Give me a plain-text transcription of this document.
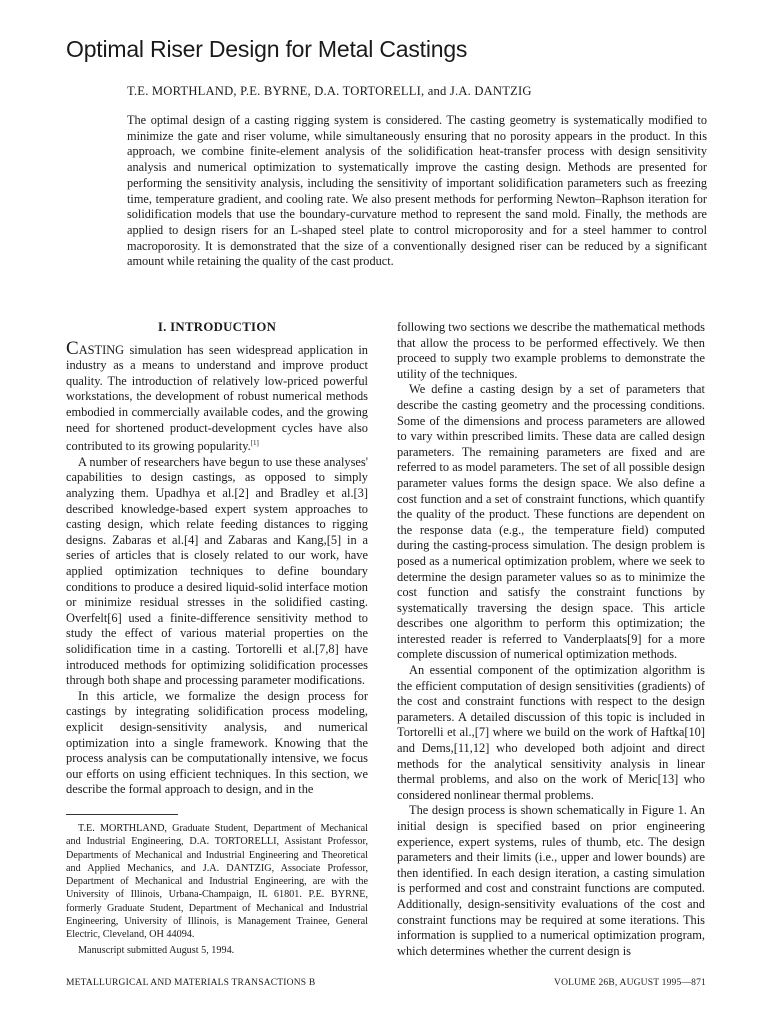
Optimal Riser Design for Metal Castings
T.E. MORTHLAND, P.E. BYRNE, D.A. TORTORELLI, and J.A. DANTZIG

The optimal design of a casting rigging system is considered. The casting geometry is systematically modified to minimize the gate and riser volume, while simultaneously ensuring that no porosity appears in the product. In this approach, we combine finite-element analysis of the solidification heat-transfer process with design sensitivity analysis and numerical optimization to systematically improve the casting design. Methods are presented for performing the sensitivity analysis, including the sensitivity of important solidification parameters such as freezing time, temperature gradient, and cooling rate. We also present methods for performing Newton–Raphson iteration for solidification models that use the boundary-curvature method to represent the sand mold. Finally, the methods are applied to design risers for an L-shaped steel plate to control microporosity and for a steel hammer to control macroporosity. It is demonstrated that the size of a conventionally designed riser can be reduced by a significant amount while retaining the quality of the cast product.

I. INTRODUCTION

CASTING simulation has seen widespread application in industry as a means to understand and improve product quality. The introduction of relatively low-priced powerful workstations, the development of robust numerical methods embodied in commercially available codes, and the growing need for shortened product-development cycles have also contributed to its growing popularity.[1]

A number of researchers have begun to use these analyses' capabilities to design castings, as opposed to simply analyzing them. Upadhya et al.[2] and Bradley et al.[3] described knowledge-based expert system approaches to casting design, which relate feeding distances to rigging designs. Zabaras et al.[4] and Zabaras and Kang,[5] in a series of articles that is closely related to our work, have applied optimization techniques to define boundary conditions to produce a desired liquid-solid interface motion or minimize residual stresses in the solidified casting. Overfelt[6] used a finite-difference sensitivity method to study the effect of various material properties on the solidification time in a casting. Tortorelli et al.[7,8] have introduced methods for optimizing solidification processes through both shape and processing parameter modifications.

In this article, we formalize the design process for castings by integrating solidification process modeling, explicit design-sensitivity analysis, and numerical optimization into a single framework. Knowing that the process analysis can be computationally intensive, we focus our efforts on using efficient techniques. In this section, we describe the formal approach to design, and in the

T.E. MORTHLAND, Graduate Student, Department of Mechanical and Industrial Engineering, D.A. TORTORELLI, Assistant Professor, Departments of Mechanical and Industrial Engineering and Theoretical and Applied Mechanics, and J.A. DANTZIG, Associate Professor, Department of Mechanical and Industrial Engineering, are with the University of Illinois, Urbana-Champaign, IL 61801. P.E. BYRNE, formerly Graduate Student, Department of Mechanical and Industrial Engineering, University of Illinois, is Management Trainee, General Electric, Cleveland, OH 44094.

Manuscript submitted August 5, 1994.

following two sections we describe the mathematical methods that allow the process to be performed effectively. We then proceed to supply two example problems to demonstrate the utility of the techniques.

We define a casting design by a set of parameters that describe the casting geometry and the processing conditions. Some of the dimensions and process parameters are allowed to vary within prescribed limits. These data are called design parameters. The remaining parameters are fixed and are referred to as model parameters. The set of all possible design parameter values forms the design space. We also define a cost function and a set of constraint functions, which quantify the quality of the product. These functions are dependent on the response data (e.g., the temperature field) computed during the casting-process simulation. The design problem is posed as a numerical optimization problem, where we seek to determine the design parameter values so as to minimize the cost function and satisfy the constraint functions by systematically traversing the design space. This article describes one algorithm to perform this optimization; the interested reader is referred to Vanderplaats[9] for a more complete discussion of numerical optimization methods.

An essential component of the optimization algorithm is the efficient computation of design sensitivities (gradients) of the cost and constraint functions with respect to the design parameters. A detailed discussion of this topic is included in Tortorelli et al.,[7] where we build on the work of Haftka[10] and Dems,[11,12] who developed both adjoint and direct methods for the analytical sensitivity analysis in linear thermal problems, and also on the work of Meric[13] who considered nonlinear thermal problems.

The design process is shown schematically in Figure 1. An initial design is specified based on prior engineering experience, expert systems, rules of thumb, etc. The design parameters and their limits (i.e., upper and lower bounds) are then identified. In each design iteration, a casting simulation is performed and cost and constraint functions are computed. Additionally, design-sensitivity evaluations of the cost and constraint functions may be required at some iterations. This information is supplied to a numerical optimization program, which determines whether the current design is

METALLURGICAL AND MATERIALS TRANSACTIONS B	VOLUME 26B, AUGUST 1995—871
